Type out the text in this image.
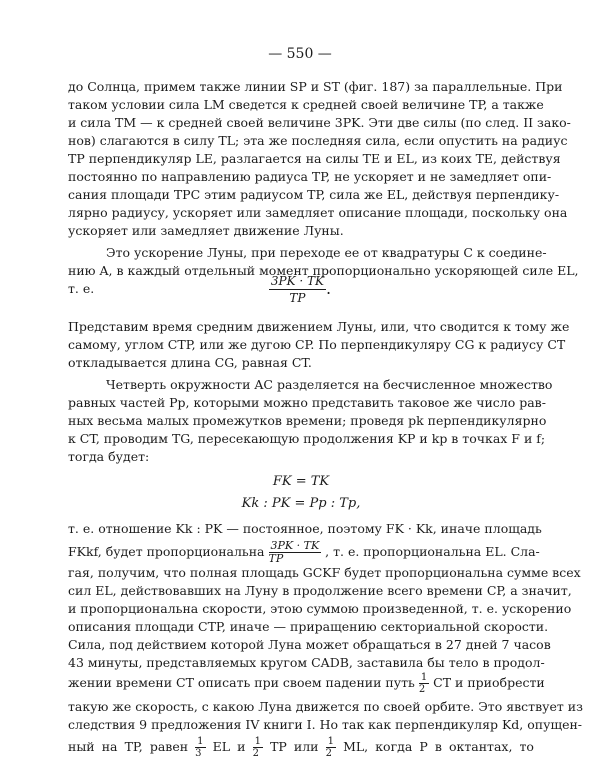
— 550 —
до Солнца, примем также линии SP и ST (фиг. 187) за параллельные. При
таком условии сила LM сведется к средней своей величине TP, а также
и сила TM — к средней своей величине 3PK. Эти две силы (по след. II зако-
нов) слагаются в силу TL; эта же последняя сила, если опустить на радиус
TP перпендикуляр LE, разлагается на силы TE и EL, из коих TE, действуя
постоянно по направлению радиуса TP, не ускоряет и не замедляет опи-
сания площади TPC этим радиусом TP, сила же EL, действуя перпендику-
лярно радиусу, ускоряет или замедляет описание площади, поскольку она
ускоряет или замедляет движение Луны.
Это ускорение Луны, при переходе ее от квадратуры C к соедине-
нию A, в каждый отдельный момент пропорционально ускоряющей силе EL,
т. е.	$\frac{3PK \cdot TK}{TP}$ .
Представим время средним движением Луны, или, что сводится к тому же
самому, углом CTP, или же дугою CP. По перпендикуляру CG к радиусу CT
откладывается длина CG, равная CT.
Четверть окружности AC разделяется на бесчисленное множество
равных частей Pp, которыми можно представить таковое же число рав-
ных весьма малых промежутков времени; проведя pk перпендикулярно
к CT, проводим TG, пересекающую продолжения KP и kp в точках F и f;
тогда будет:
FK = TK
Kk : PK = Pp : Tp,
т. е. отношение Kk : PK — постоянное, поэтому FK · Kk, иначе площадь
FKkf, будет пропорциональна $\frac{3PK \cdot TK}{TP}$ , т. е. пропорциональна EL. Сла-
гая, получим, что полная площадь GCKF будет пропорциональна сумме всех
сил EL, действовавших на Луну в продолжение всего времени CP, а значит,
и пропорциональна скорости, этою суммою произведенной, т. е. ускоренио
описания площади CTP, иначе — приращению секториальной скорости.
Сила, под действием которой Луна может обращаться в 27 дней 7 часов
43 минуты, представляемых кругом CADB, заставила бы тело в продол-
жении времени CT описать при своем падении путь $\frac{1}{2}$ CT и приобрести
такую же скорость, с какою Луна движется по своей орбите. Это явствует из
следствия 9 предложения IV книги I. Но так как перпендикуляр Kd, опущен-
ный на TP, равен $\frac{1}{3}$ EL и $\frac{1}{2}$ TP или $\frac{1}{2}$ ML, когда P в октантах, то
